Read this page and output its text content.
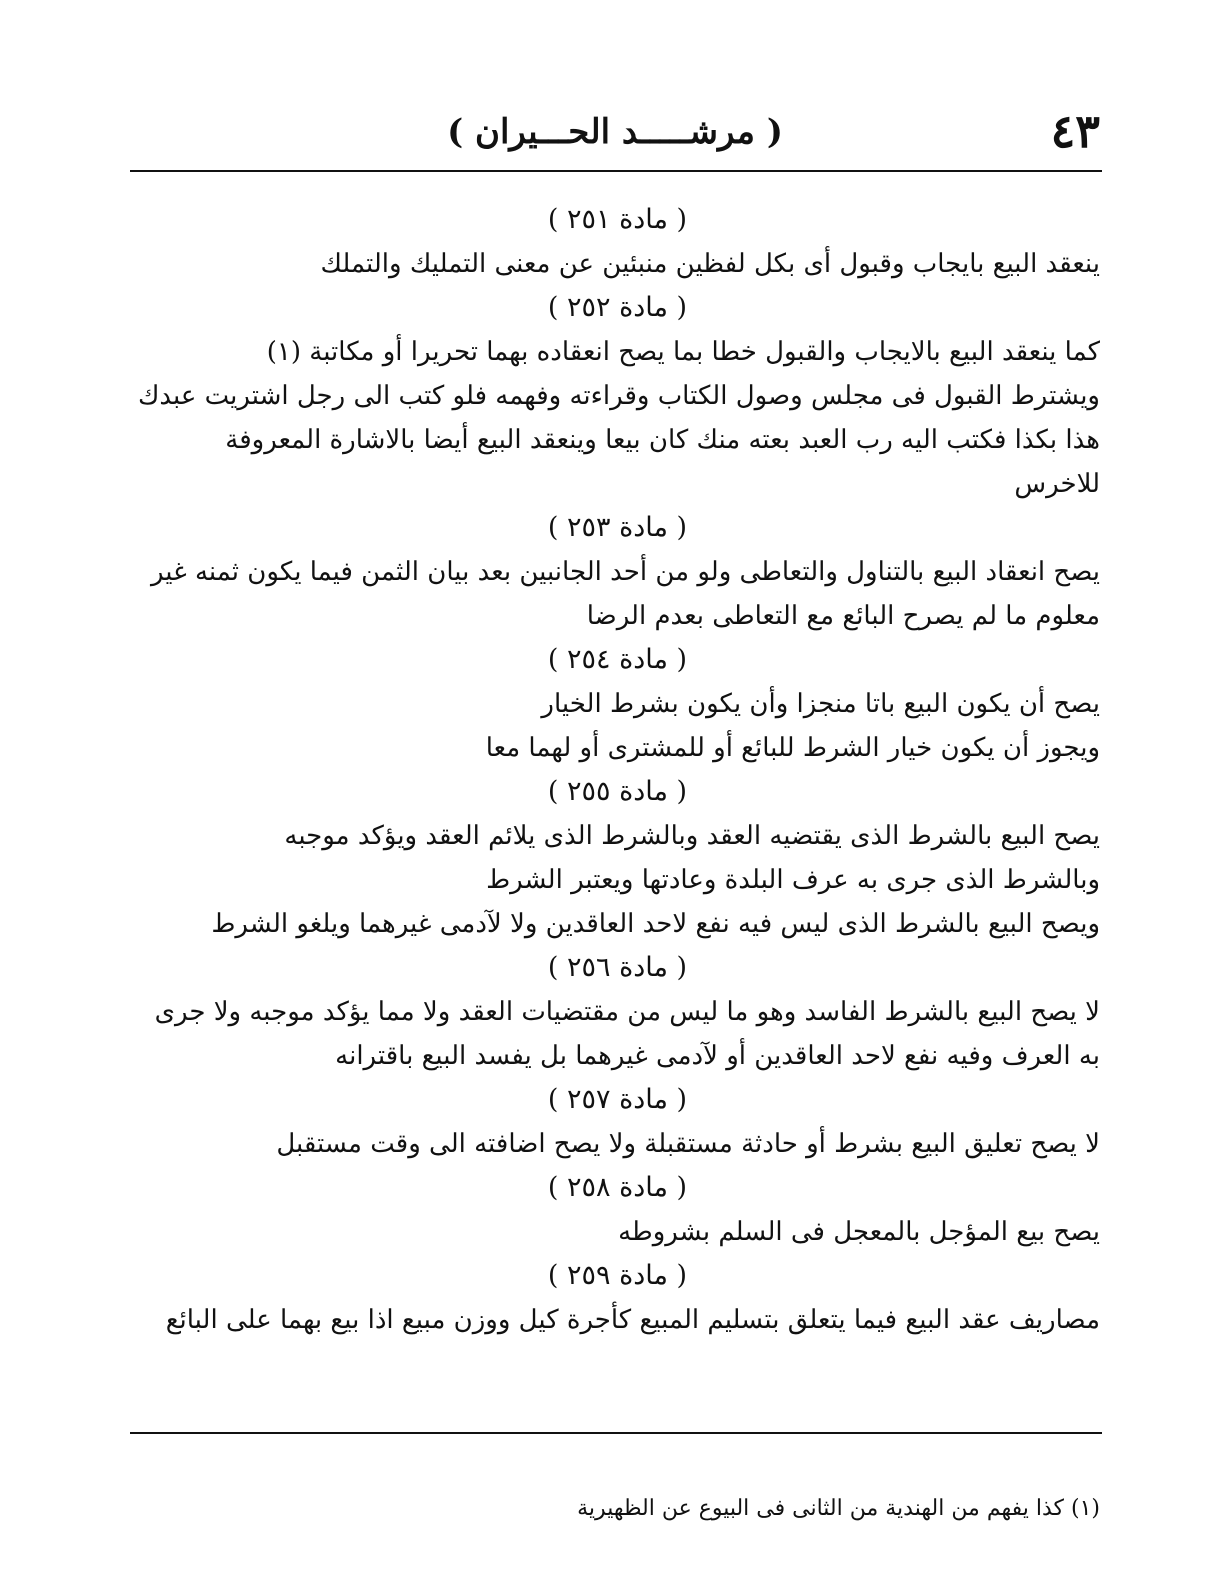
٤٣
( مرشـــــد الحـــيران )
( مادة ٢٥١ )
ينعقد البيع بايجاب وقبول أى بكل لفظين منبئين عن معنى التمليك والتملك
( مادة ٢٥٢ )
كما ينعقد البيع بالايجاب والقبول خطا بما يصح انعقاده بهما تحريرا أو مكاتبة (١)
ويشترط القبول فى مجلس وصول الكتاب وقراءته وفهمه فلو كتب الى رجل اشتريت عبدك
هذا بكذا فكتب اليه رب العبد بعته منك كان بيعا وينعقد البيع أيضا بالاشارة المعروفة
للاخرس
( مادة ٢٥٣ )
يصح انعقاد البيع بالتناول والتعاطى ولو من أحد الجانبين بعد بيان الثمن فيما يكون ثمنه غير
معلوم ما لم يصرح البائع مع التعاطى بعدم الرضا
( مادة ٢٥٤ )
يصح أن يكون البيع باتا منجزا وأن يكون بشرط الخيار
ويجوز أن يكون خيار الشرط للبائع أو للمشترى أو لهما معا
( مادة ٢٥٥ )
يصح البيع بالشرط الذى يقتضيه العقد وبالشرط الذى يلائم العقد ويؤكد موجبه
وبالشرط الذى جرى به عرف البلدة وعادتها ويعتبر الشرط
ويصح البيع بالشرط الذى ليس فيه نفع لاحد العاقدين ولا لآدمى غيرهما ويلغو الشرط
( مادة ٢٥٦ )
لا يصح البيع بالشرط الفاسد وهو ما ليس من مقتضيات العقد ولا مما يؤكد موجبه ولا جرى
به العرف وفيه نفع لاحد العاقدين أو لآدمى غيرهما بل يفسد البيع باقترانه
( مادة ٢٥٧ )
لا يصح تعليق البيع بشرط أو حادثة مستقبلة ولا يصح اضافته الى وقت مستقبل
( مادة ٢٥٨ )
يصح بيع المؤجل بالمعجل فى السلم بشروطه
( مادة ٢٥٩ )
مصاريف عقد البيع فيما يتعلق بتسليم المبيع كأجرة كيل ووزن مبيع اذا بيع بهما على البائع
(١) كذا يفهم من الهندية من الثانى فى البيوع عن الظهيرية
